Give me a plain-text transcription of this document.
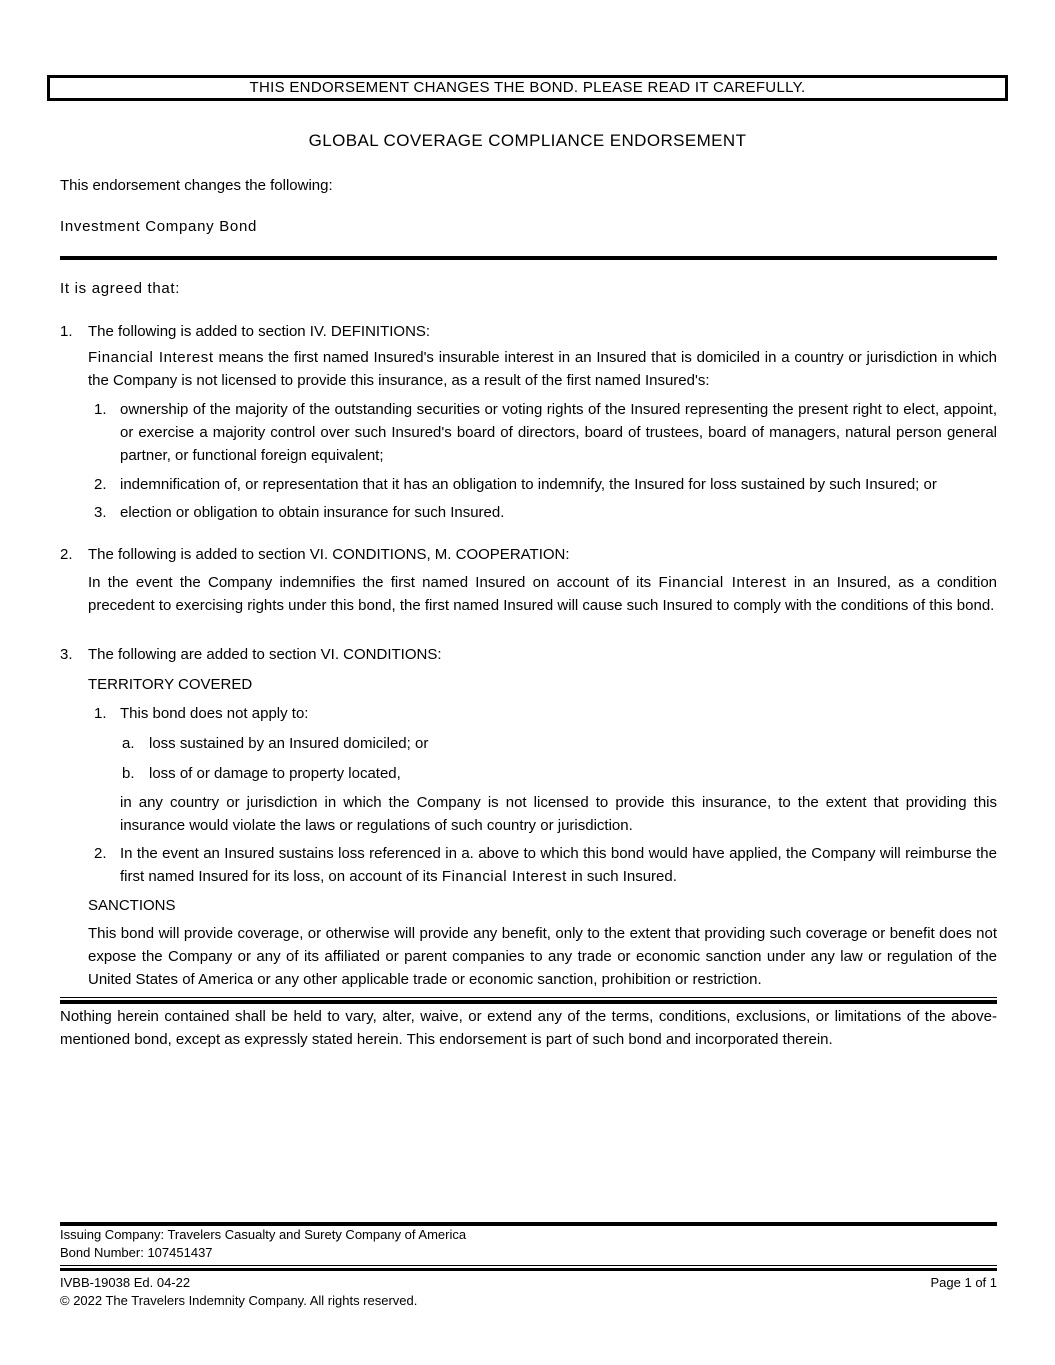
THIS ENDORSEMENT CHANGES THE BOND. PLEASE READ IT CAREFULLY.
GLOBAL COVERAGE COMPLIANCE ENDORSEMENT

This endorsement changes the following:

Investment Company Bond

It is agreed that:

1.	The following is added to section IV. DEFINITIONS:

Financial Interest means the first named Insured's insurable interest in an Insured that is domiciled in a country or jurisdiction in which the Company is not licensed to provide this insurance, as a result of the first named Insured's:

1. ownership of the majority of the outstanding securities or voting rights of the Insured representing the present right to elect, appoint, or exercise a majority control over such Insured's board of directors, board of trustees, board of managers, natural person general partner, or functional foreign equivalent;
2. indemnification of, or representation that it has an obligation to indemnify, the Insured for loss sustained by such Insured; or
3. election or obligation to obtain insurance for such Insured.
2.	The following is added to section VI. CONDITIONS, M. COOPERATION:

In the event the Company indemnifies the first named Insured on account of its Financial Interest in an Insured, as a condition precedent to exercising rights under this bond, the first named Insured will cause such Insured to comply with the conditions of this bond.

3.	The following are added to section VI. CONDITIONS:

TERRITORY COVERED

1. This bond does not apply to:
a. loss sustained by an Insured domiciled; or
b. loss of or damage to property located,

in any country or jurisdiction in which the Company is not licensed to provide this insurance, to the extent that providing this insurance would violate the laws or regulations of such country or jurisdiction.

2. In the event an Insured sustains loss referenced in a. above to which this bond would have applied, the Company will reimburse the first named Insured for its loss, on account of its Financial Interest in such Insured.

SANCTIONS

This bond will provide coverage, or otherwise will provide any benefit, only to the extent that providing such coverage or benefit does not expose the Company or any of its affiliated or parent companies to any trade or economic sanction under any law or regulation of the United States of America or any other applicable trade or economic sanction, prohibition or restriction.

Nothing herein contained shall be held to vary, alter, waive, or extend any of the terms, conditions, exclusions, or limitations of the above-mentioned bond, except as expressly stated herein. This endorsement is part of such bond and incorporated therein.

Issuing Company: Travelers Casualty and Surety Company of America

Bond Number: 107451437

IVBB-19038 Ed. 04-22	Page 1 of 1

© 2022 The Travelers Indemnity Company. All rights reserved.
